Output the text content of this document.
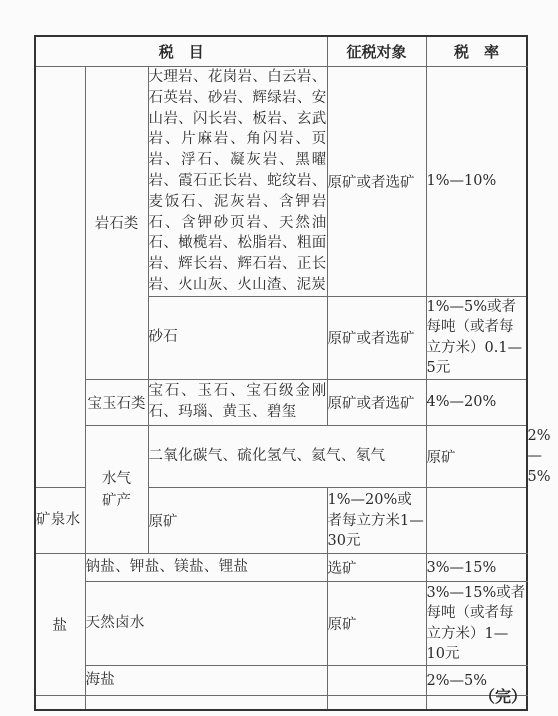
税　目			征税对象	税　率	
	岩石类	大理岩、花岗岩、白云岩、石英岩、砂岩、辉绿岩、安山岩、闪长岩、板岩、玄武岩、片麻岩、角闪岩、页岩、浮石、凝灰岩、黑曜岩、霞石正长岩、蛇纹岩、麦饭石、泥灰岩、含钾岩石、含钾砂页岩、天然油石、橄榄岩、松脂岩、粗面岩、辉长岩、辉石岩、正长岩、火山灰、火山渣、泥炭	原矿或者选矿	1%—10%	
		砂石	原矿或者选矿	1%—5%或者每吨（或者每立方米）0.1—5元	
	宝玉石类	宝石、玉石、宝石级金刚石、玛瑙、黄玉、碧玺	原矿或者选矿	4%—20%	
	水气矿产	二氧化碳气、硫化氢气、氦气、氡气		原矿	2%—5%
矿泉水		原矿	1%—20%或者每立方米1—30元		
盐	钠盐、钾盐、镁盐、锂盐		选矿	3%—15%	
	天然卤水		原矿	3%—15%或者每吨（或者每立方米）1—10元	
	海盐			2%—5%	

（完）
